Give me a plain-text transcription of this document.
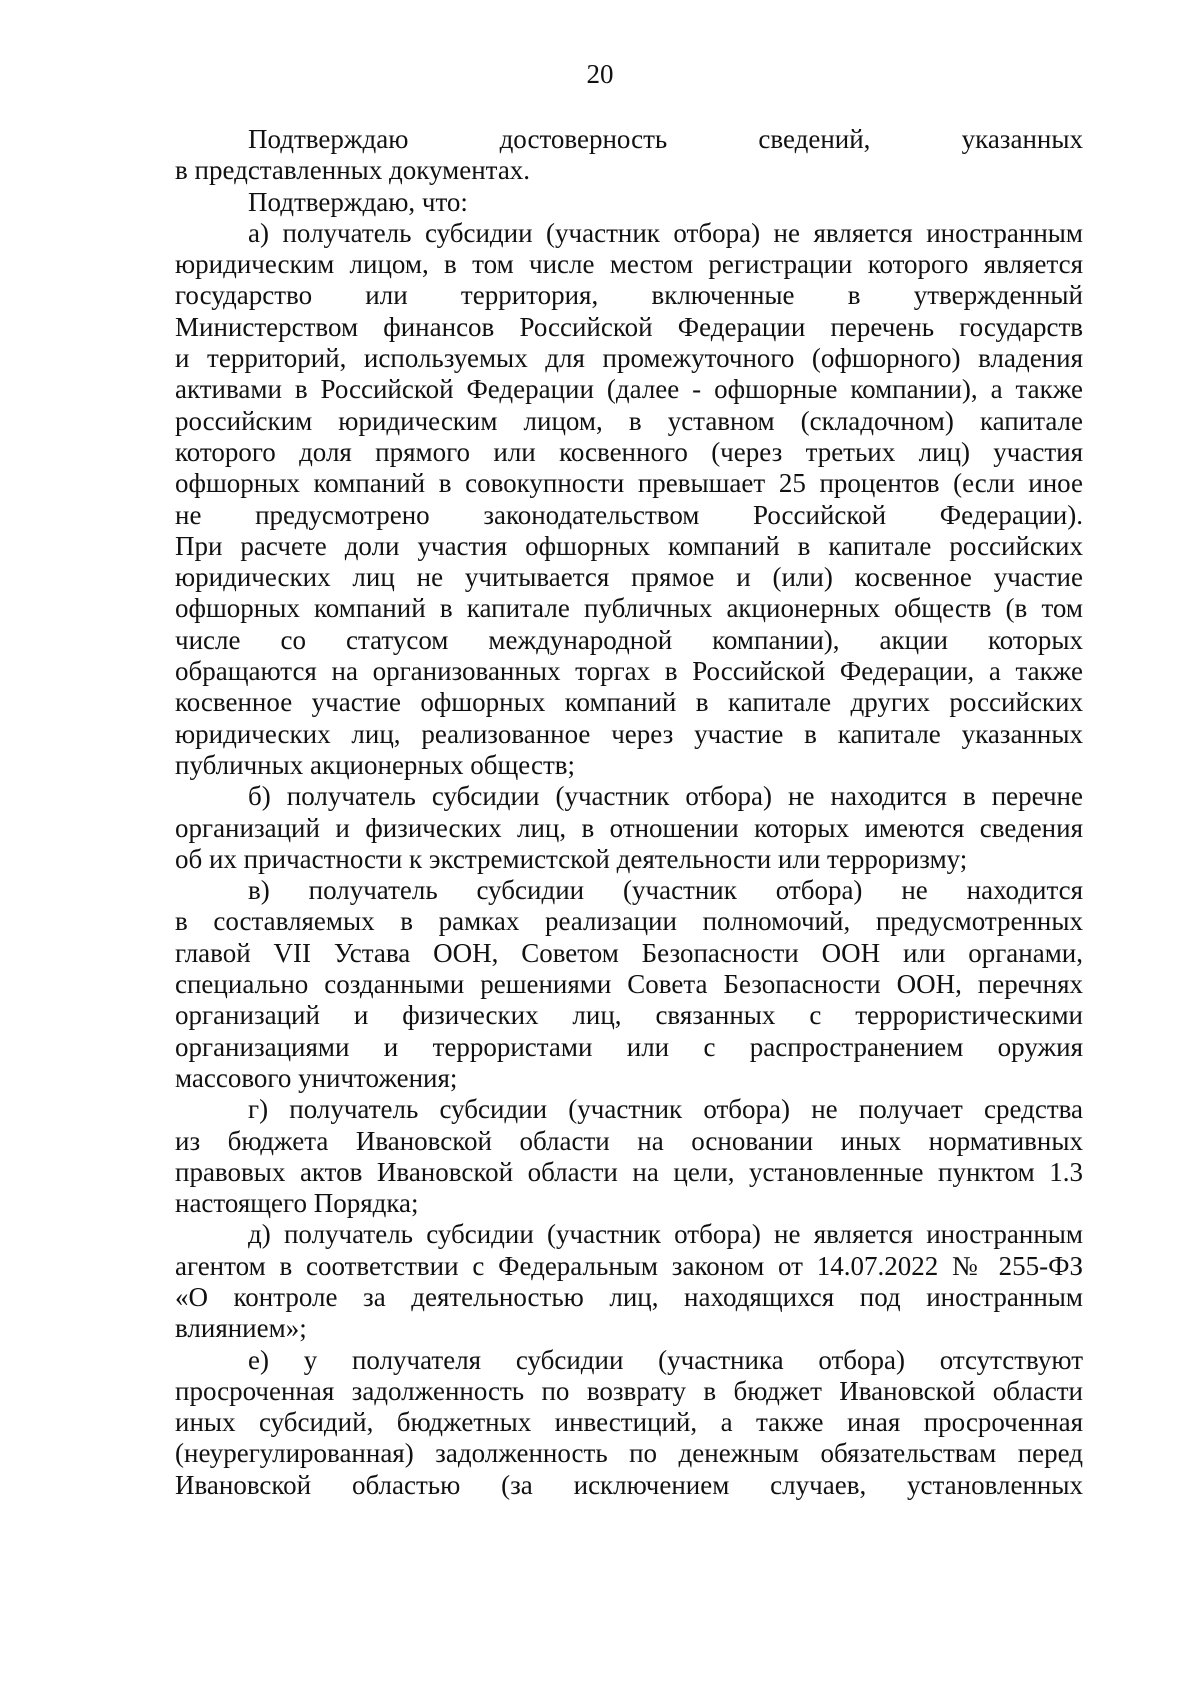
20
Подтверждаю достоверность сведений, указанных
в представленных документах.
Подтверждаю, что:
а) получатель субсидии (участник отбора) не является иностранным
юридическим лицом, в том числе местом регистрации которого является
государство или территория, включенные в утвержденный
Министерством финансов Российской Федерации перечень государств
и территорий, используемых для промежуточного (офшорного) владения
активами в Российской Федерации (далее - офшорные компании), а также
российским юридическим лицом, в уставном (складочном) капитале
которого доля прямого или косвенного (через третьих лиц) участия
офшорных компаний в совокупности превышает 25 процентов (если иное
не предусмотрено законодательством Российской Федерации).
При расчете доли участия офшорных компаний в капитале российских
юридических лиц не учитывается прямое и (или) косвенное участие
офшорных компаний в капитале публичных акционерных обществ (в том
числе со статусом международной компании), акции которых
обращаются на организованных торгах в Российской Федерации, а также
косвенное участие офшорных компаний в капитале других российских
юридических лиц, реализованное через участие в капитале указанных
публичных акционерных обществ;
б) получатель субсидии (участник отбора) не находится в перечне
организаций и физических лиц, в отношении которых имеются сведения
об их причастности к экстремистской деятельности или терроризму;
в) получатель субсидии (участник отбора) не находится
в составляемых в рамках реализации полномочий, предусмотренных
главой VII Устава ООН, Советом Безопасности ООН или органами,
специально созданными решениями Совета Безопасности ООН, перечнях
организаций и физических лиц, связанных с террористическими
организациями и террористами или с распространением оружия
массового уничтожения;
г) получатель субсидии (участник отбора) не получает средства
из бюджета Ивановской области на основании иных нормативных
правовых актов Ивановской области на цели, установленные пунктом 1.3
настоящего Порядка;
д) получатель субсидии (участник отбора) не является иностранным
агентом в соответствии с Федеральным законом от 14.07.2022 № 255-ФЗ
«О контроле за деятельностью лиц, находящихся под иностранным
влиянием»;
е) у получателя субсидии (участника отбора) отсутствуют
просроченная задолженность по возврату в бюджет Ивановской области
иных субсидий, бюджетных инвестиций, а также иная просроченная
(неурегулированная) задолженность по денежным обязательствам перед
Ивановской областью (за исключением случаев, установленных
